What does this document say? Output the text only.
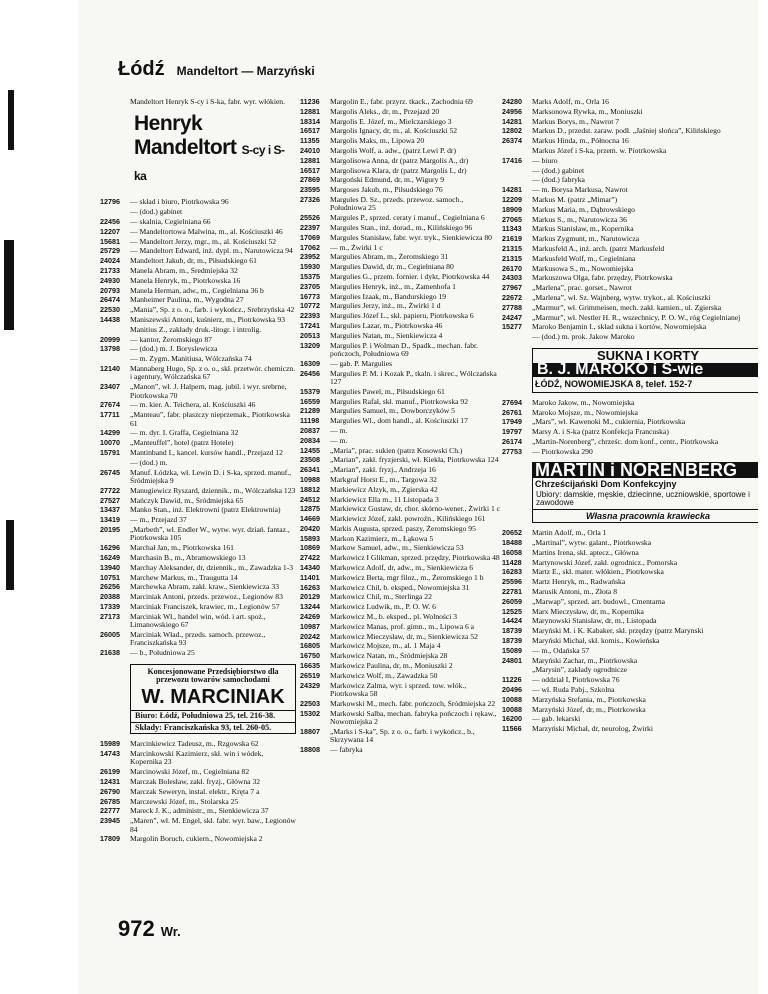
Łódź Mandeltort — Marzyński
Mandeltort Henryk S-cy i S-ka, fabr. wyr. włókien.
Henryk Mandeltort S-cy i S-ka
12796	— skład i biuro, Piotrkowska 96
— (dod.) gabinet
22456	— skalnia, Cegielniana 66
12207	— Mandeltortowa Malwina, m., al. Kościuszki 46
15681	— Mandeltort Jerzy, mgr., m., al. Kościuszki 52
25729	— Mandeltort Edward, inż. dypl. m., Narutowicza 94
24024	Mandeltort Jakub, dr, m., Piłsudskiego 61
21733	Manela Abram, m., Średmiejska 32
24930	Manela Henryk, m., Piotrkowska 16
20793	Manela Herman, adw., m., Cegielniana 36 b
26474	Manheimer Paulina, m., Wygodna 27
22530	„Mania”, Sp. z o. o., farb. i wykończ., Srebrzyńska 42
14438	Maniszewski Antoni, kuśnierz, m., Piotrkowska 93
Manitius Z., zakłady druk.-litogr. i introlig.
20999	— kantor, Żeromskiego 87
13798	— (dod.) m. J. Boryslewicza
— m. Zygm. Manitiusa, Wólczańska 74
12140	Mannaberg Hugo, Sp. z o. o., skł. przetwór. chemiczn. i agentury, Wólczańska 67
23407	„Manon”, wł. J. Halpern, mag. jubil. i wyr. srebrne, Piotrkowska 70
27674	— m. kier. A. Teichera, al. Kościuszki 46
17711	„Manteau”, fabr. płaszczy nieprzemak., Piotrkowska 61
14299	— m. dyr. I. Graffa, Cegielniana 32
10070	„Manteuffel”, hotel (patrz Hotele)
15791	Mantinband I., kancel. kursów handl., Przejazd 12
— (dod.) m.
26745	Manuf. Łódzka, wł. Lewin D. i S-ka, sprzed. manuf., Śródmiejska 9
27722	Manugiewicz Ryszard, dziennik., m., Wólczańska 123
27527	Mańczyk Dawid, m., Śródmiejska 65
13437	Manko Stan., inż. Elektrowni (patrz Elektrownia)
13419	— m., Przejazd 37
20195	„Marbeth”, wł. Endler W., wytw. wyr. dziań. fantaz., Piotrkowska 105
16296	Marchał Jan, m., Piotrkowska 161
16249	Marchasin B., m., Abramowskiego 13
13940	Marchay Aleksander, dr, dziennik., m., Zawadzka 1-3
10751	Marchew Markus, m., Traugutta 14
26256	Marchewka Abram, zakł. kraw., Sienkiewicza 33
20388	Marciniak Antoni, przeds. przewoz., Legionów 83
17339	Marciniak Franciszek, krawiec, m., Legionów 57
27173	Marciniak Wł., handel win, wód. i art. spoż., Limanowskiego 67
26005	Marciniak Wład., przeds. samoch. przewoz., Franciszkańska 93
21638	— b., Południowa 25
Koncesjonowane Przedsiębiorstwo dla przewozu towarów samochodami
W. MARCINIAK
Biuro: Łódź, Południowa 25, tel. 216-38.
Składy: Franciszkańska 93, tel. 260-05.
15989	Marcinkiewicz Tadeusz, m., Rzgowska 62
14743	Marcinkowski Kazimierz, skł. win i wódek, Kopernika 23
26199	Marcinowski Józef, m., Cegielniana 82
12431	Marczak Bolesław, zakł. fryzj., Główna 32
26790	Marczak Seweryn, instal. elektr., Kręta 7 a
26785	Marczewski Józef, m., Stolarska 25
22777	Mareck J. K., administr., m., Sienkiewicza 37
23945	„Maren”, wł. M. Engel, skł. fabr. wyr. baw., Legionów 84
17809	Margolin Boruch, cukiern., Nowomiejska 2
11236	Margolin E., fabr. przyrz. tkack., Zachodnia 69
12881	Margolis Aleks., dr, m., Przejazd 20
18314	Margolis E. Józef, m., Mielczarskiego 3
16517	Margolis Ignacy, dr, m., al. Kościuszki 52
11355	Margolis Maks, m., Lipowa 20
24010	Margolis Wolf, a. adw., (patrz Lewi P. dr)
12881	Margolisowa Anna, dr (patrz Margolis A., dr)
16517	Margolisowa Klara, dr (patrz Margolis I., dr)
27869	Margoński Edmund, dr, m., Wigury 9
23595	Margoses Jakub, m., Piłsudskiego 76
27326	Margules D. Sz., przeds. przewoz. samoch., Południowa 25
25526	Margules P., sprzed. ceraty i manuf., Cegielniana 6
22397	Margules Stan., inż. dorad., m., Kilińskiego 96
17069	Margules Stanisław, fabr. wyr. tryk., Sienkiewicza 80
17062	— m., Żwirki 1 c
23952	Margulies Abram, m., Żeromskiego 31
15930	Margulies Dawid, dr, m., Cegielniana 80
15375	Margulies G., przem. fornier. i dykt, Piotrkowska 44
23705	Margulies Henryk, inż., m., Zamenhofa 1
16773	Margulies Izaak, m., Bandurskiego 19
10772	Margulies Jerzy, inż., m., Żwirki 1 d
22393	Margulies Józef L., skł. papieru, Piotrkowska 6
17241	Margulies Lazar, m., Piotrkowska 46
20513	Margulies Natan, m., Sienkiewicza 4
13209	Margulies P. i Wolman D., Spadk., mechan. fabr. pończoch, Południowa 69
16309	— gab. P. Margulies
26456	Margulies P. M. i Kozak P., tkaln. i skrec., Wólczańska 127
15379	Margulies Pawel, m., Piłsudskiego 61
16559	Margulies Rafał, skł. manuf., Piotrkowska 92
21289	Margulies Samuel, m., Dowborczyków 5
11198	Margulies Wl., dom handl., al. Kościuszki 17
20837	— m.
20834	— m.
12455	„Maria”, prac. sukien (patrz Kosowski Ch.)
23508	„Marian”, zakł. fryzjerski, wł. Kiekła, Piotrkowska 124
26341	„Marian”, zakł. fryzj., Andrzeja 16
10988	Markgraf Horst E., m., Targowa 32
18812	Markiewicz Alzyk, m., Zgierska 42
24512	Markiewicz Ella m., 11 Listopada 3
12875	Markiewicz Gustaw, dr, chor. skórno-wener., Żwirki 1 c
14669	Markiewicz Józef, zakł. powroźn., Kilińskiego 161
20420	Markis Augusta, sprzed. paszy, Żeromskiego 95
15893	Markon Kazimierz, m., Łąkowa 5
10869	Markow Samuel, adw., m., Sienkiewicza 53
27422	Markowicz I Glikman, sprzed. przędzy, Piotrkowska 48
14340	Markowicz Adolf, dr, adw., m., Sienkiewicza 6
11401	Markowicz Berta, mgr filoz., m., Żeromskiego 1 b
16263	Markowicz Chil, b. eksped., Nowomiejska 31
20129	Markowicz Chil, m., Sterlinga 22
13244	Markowicz Ludwik, m., P. O. W. 6
24269	Markowicz M., b. eksped., pl. Wolności 3
10987	Markowicz Manas, prof. gimn., m., Lipowa 6 a
20242	Markowicz Mieczysław, dr, m., Sienkiewicza 52
16805	Markowicz Mojsze, m., al. 1 Maja 4
16750	Markowicz Natan, m., Śródmiejska 28
16635	Markowicz Paulina, dr, m., Moniuszki 2
26519	Markowicz Wolf, m., Zawadzka 50
24329	Markowicz Zalma, wyr. i sprzed. tow. włók., Piotrkowska 58
22503	Markowski M., mech. fabr. pończoch, Śródmiejska 22
15302	Markowski Salba, mechan. fabryka pończoch i rękaw., Nowomiejska 2
18807	„Marks i S-ka”, Sp. z o. o., farb. i wykończ., b., Skrzywana 14
18808	— fabryka
24280	Marks Adolf, m., Orla 16
24956	Marksonowa Rywka, m., Moniuszki
14281	Markus Borys, m., Nawrot 7
12802	Markus D., przedst. zaraw. podł. „Jaśniej słońca”, Kilińskiego
26374	Markus Hinda, m., Północna 16
Markus Józef i S-ka, przem. w. Piotrkowska
17416	— biuro
— (dod.) gabinet
— (dod.) fabryka
14281	— m. Borysa Markusa, Nawrot
12209	Markus M. (patrz „Mimar”)
18909	Markus Maria, m., Dąbrowskiego
27065	Markus S., m., Narutowicza 36
11343	Markus Stanisław, m., Kopernika
21619	Markus Zygmunt, m., Narutowicza
21315	Markusfeld A., inż. arch. (patrz Markusfeld
21315	Markusfeld Wolf, m., Cegielniana
26170	Markusowa S., m., Nowomiejska
24303	Markuszowa Olga, fabr. przędzy, Piotrkowska
27967	„Marlena”, prac. gorset., Nawrot
22672	„Marlena”, wł. Sz. Wajnberg, wytw. trykot., al. Kościuszki
27788	„Marmur”, wł. Grimmeisen, mech. zakł. kamien., ul. Zgierska
24247	„Marmur”, wł. Nestler H. R., wszechnicy, P. O. W., róg Cegielnianej
15277	Maroko Benjamin I., skład sukna i kortów, Nowomiejska
— (dod.) m. prok. Jakow Maroko
SUKNA I KORTY
B. J. MAROKO i S-wie
ŁÓDŹ, NOWOMIEJSKA 8, telef. 152-7
27694	Maroko Jakow, m., Nowomiejska
26761	Maroko Mojsze, m., Nowomiejska
17949	„Mars”, wł. Kawenoki M., cukiernia, Piotrkowska
19797	Marsy A. i S-ka (patrz Konfekcja Francuska)
26174	„Martin-Norenberg”, chrześc. dom konf., centr., Piotrkowska
27753	— Piotrkowska 290
MARTIN i NORENBERG
Chrześcijański Dom Konfekcyjny
Ubiory: damskie, męskie, dziecinne, uczniowskie, sportowe i zawodowe
Własna pracownia krawiecka
20652	Martin Adolf, m., Orla 1
18488	„Martinal”, wytw. galant., Piotrkowska
16058	Martins Irena, skł. aptecz., Główna
11428	Martynowski Józef, zakł. ogrodnicz., Pomorska
16283	Martz E., skł. mater. włókien., Piotrkowska
25596	Martz Henryk, m., Radwańska
22781	Marusik Antoni, m., Złota 8
26059	„Marwap”, sprzed. art. budowl., Cmentarna
12525	Marx Mieczysław, dr, m., Kopernika
14424	Marynowski Stanisław, dr, m., Listopada
18739	Maryński M. i K. Kabaker, skł. przędzy (patrz Marynski
18739	Maryński Michał, skł. komis., Kowieńska
15089	— m., Odańska 57
24801	Maryński Zachar, m., Piotrkowska
„Marysin”, zakłady ogrodnicze
11226	— oddział I, Piotrkowska 76
20496	— wł. Ruda Pabj., Szkolna
10088	Marzyńska Stefania, m., Piotrkowska
10088	Marzyński Józef, dr, m., Piotrkowska
16200	— gab. lekarski
11566	Marzyński Michał, dr, neurolog, Żwirki
972 Wr.
